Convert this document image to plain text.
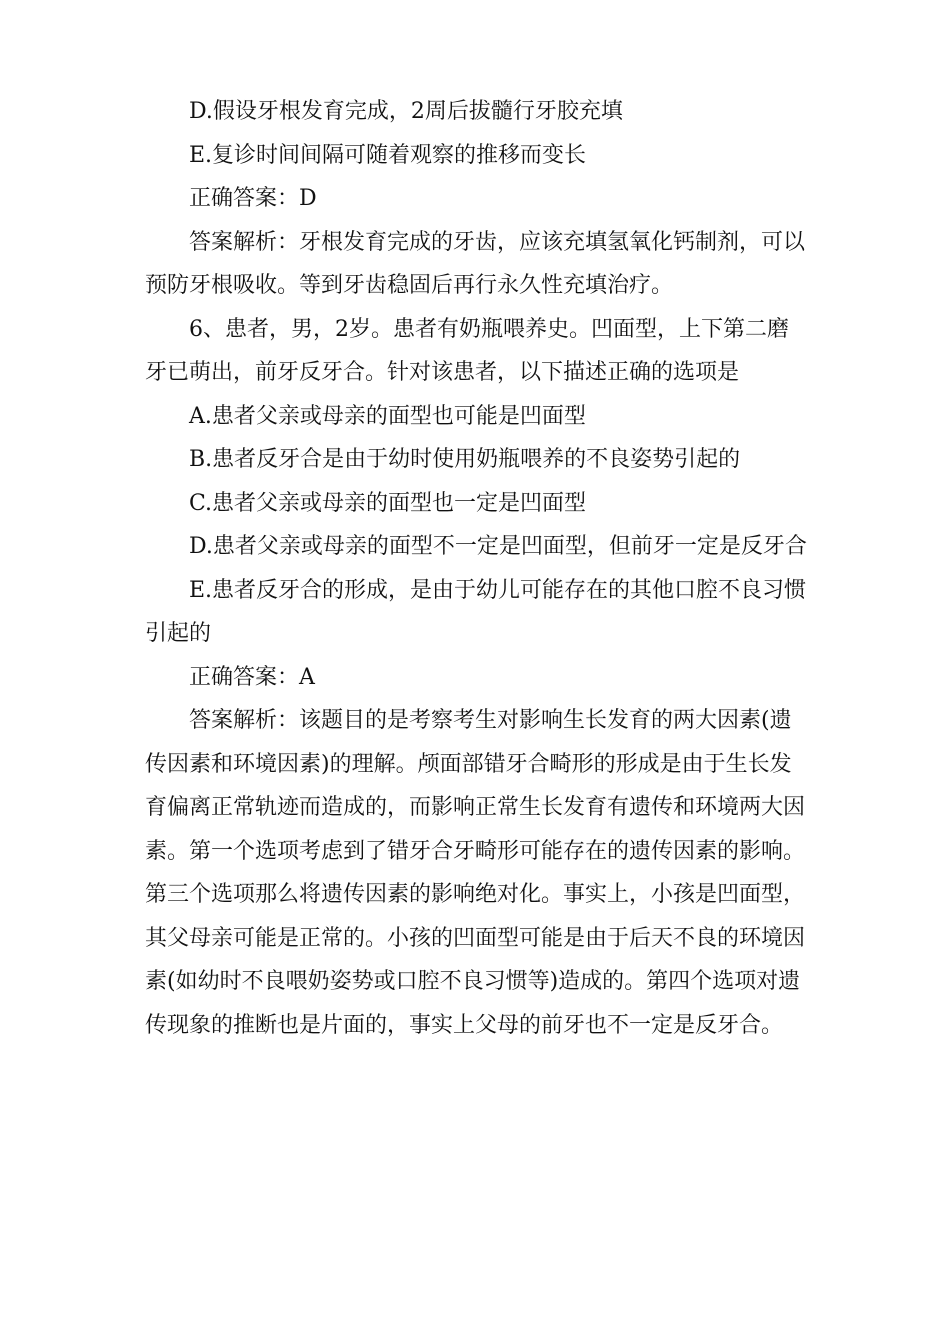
D.假设牙根发育完成，2周后拔髓行牙胶充填

E.复诊时间间隔可随着观察的推移而变长

正确答案：D

答案解析：牙根发育完成的牙齿，应该充填氢氧化钙制剂，可以预防牙根吸收。等到牙齿稳固后再行永久性充填治疗。

6、患者，男，2岁。患者有奶瓶喂养史。凹面型，上下第二磨牙已萌出，前牙反牙合。针对该患者，以下描述正确的选项是

A.患者父亲或母亲的面型也可能是凹面型

B.患者反牙合是由于幼时使用奶瓶喂养的不良姿势引起的

C.患者父亲或母亲的面型也一定是凹面型

D.患者父亲或母亲的面型不一定是凹面型，但前牙一定是反牙合

E.患者反牙合的形成，是由于幼儿可能存在的其他口腔不良习惯引起的

正确答案：A

答案解析：该题目的是考察考生对影响生长发育的两大因素(遗传因素和环境因素)的理解。颅面部错牙合畸形的形成是由于生长发育偏离正常轨迹而造成的，而影响正常生长发育有遗传和环境两大因素。第一个选项考虑到了错牙合牙畸形可能存在的遗传因素的影响。第三个选项那么将遗传因素的影响绝对化。事实上，小孩是凹面型，其父母亲可能是正常的。小孩的凹面型可能是由于后天不良的环境因素(如幼时不良喂奶姿势或口腔不良习惯等)造成的。第四个选项对遗传现象的推断也是片面的，事实上父母的前牙也不一定是反牙合。
